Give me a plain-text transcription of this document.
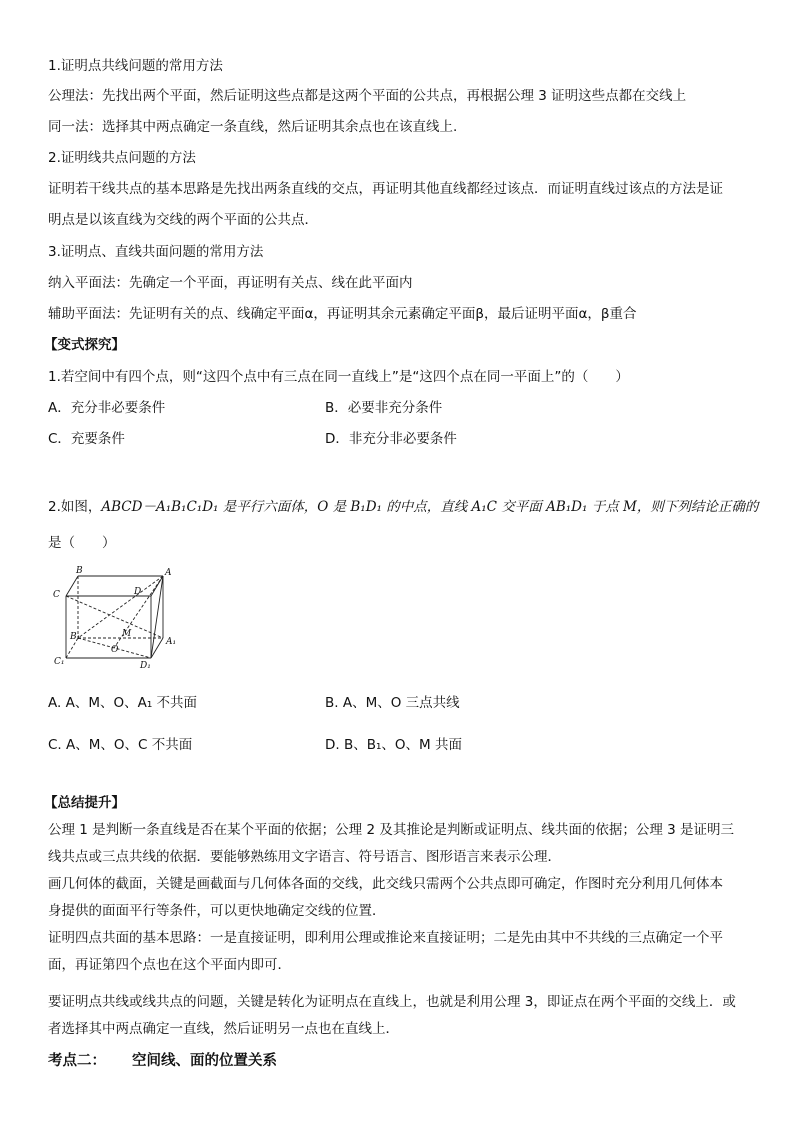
1.证明点共线问题的常用方法
公理法：先找出两个平面，然后证明这些点都是这两个平面的公共点，再根据公理 3 证明这些点都在交线上
同一法：选择其中两点确定一条直线，然后证明其余点也在该直线上.
2.证明线共点问题的方法
证明若干线共点的基本思路是先找出两条直线的交点，再证明其他直线都经过该点．而证明直线过该点的方法是证
明点是以该直线为交线的两个平面的公共点．
3.证明点、直线共面问题的常用方法
纳入平面法：先确定一个平面，再证明有关点、线在此平面内
辅助平面法：先证明有关的点、线确定平面α，再证明其余元素确定平面β，最后证明平面α，β重合
【变式探究】
1.若空间中有四个点，则“这四个点中有三点在同一直线上”是“这四个点在同一平面上”的（　　）
A．充分非必要条件	B．必要非充分条件
C．充要条件	D．非充分非必要条件
2.如图，ABCD－A₁B₁C₁D₁ 是平行六面体，O 是 B₁D₁ 的中点，直线 A₁C 交平面 AB₁D₁ 于点 M，则下列结论正确的
是（　　）
B	A
C	D
B₁	A₁
C₁	D₁
M
O
A. A、M、O、A₁ 不共面	B. A、M、O 三点共线
C. A、M、O、C 不共面	D. B、B₁、O、M 共面
【总结提升】
公理 1 是判断一条直线是否在某个平面的依据；公理 2 及其推论是判断或证明点、线共面的依据；公理 3 是证明三
线共点或三点共线的依据．要能够熟练用文字语言、符号语言、图形语言来表示公理．
画几何体的截面，关键是画截面与几何体各面的交线，此交线只需两个公共点即可确定，作图时充分利用几何体本
身提供的面面平行等条件，可以更快地确定交线的位置．
证明四点共面的基本思路：一是直接证明，即利用公理或推论来直接证明；二是先由其中不共线的三点确定一个平
面，再证第四个点也在这个平面内即可．
要证明点共线或线共点的问题，关键是转化为证明点在直线上，也就是利用公理 3，即证点在两个平面的交线上．或
者选择其中两点确定一直线，然后证明另一点也在直线上．
考点二： 空间线、面的位置关系
